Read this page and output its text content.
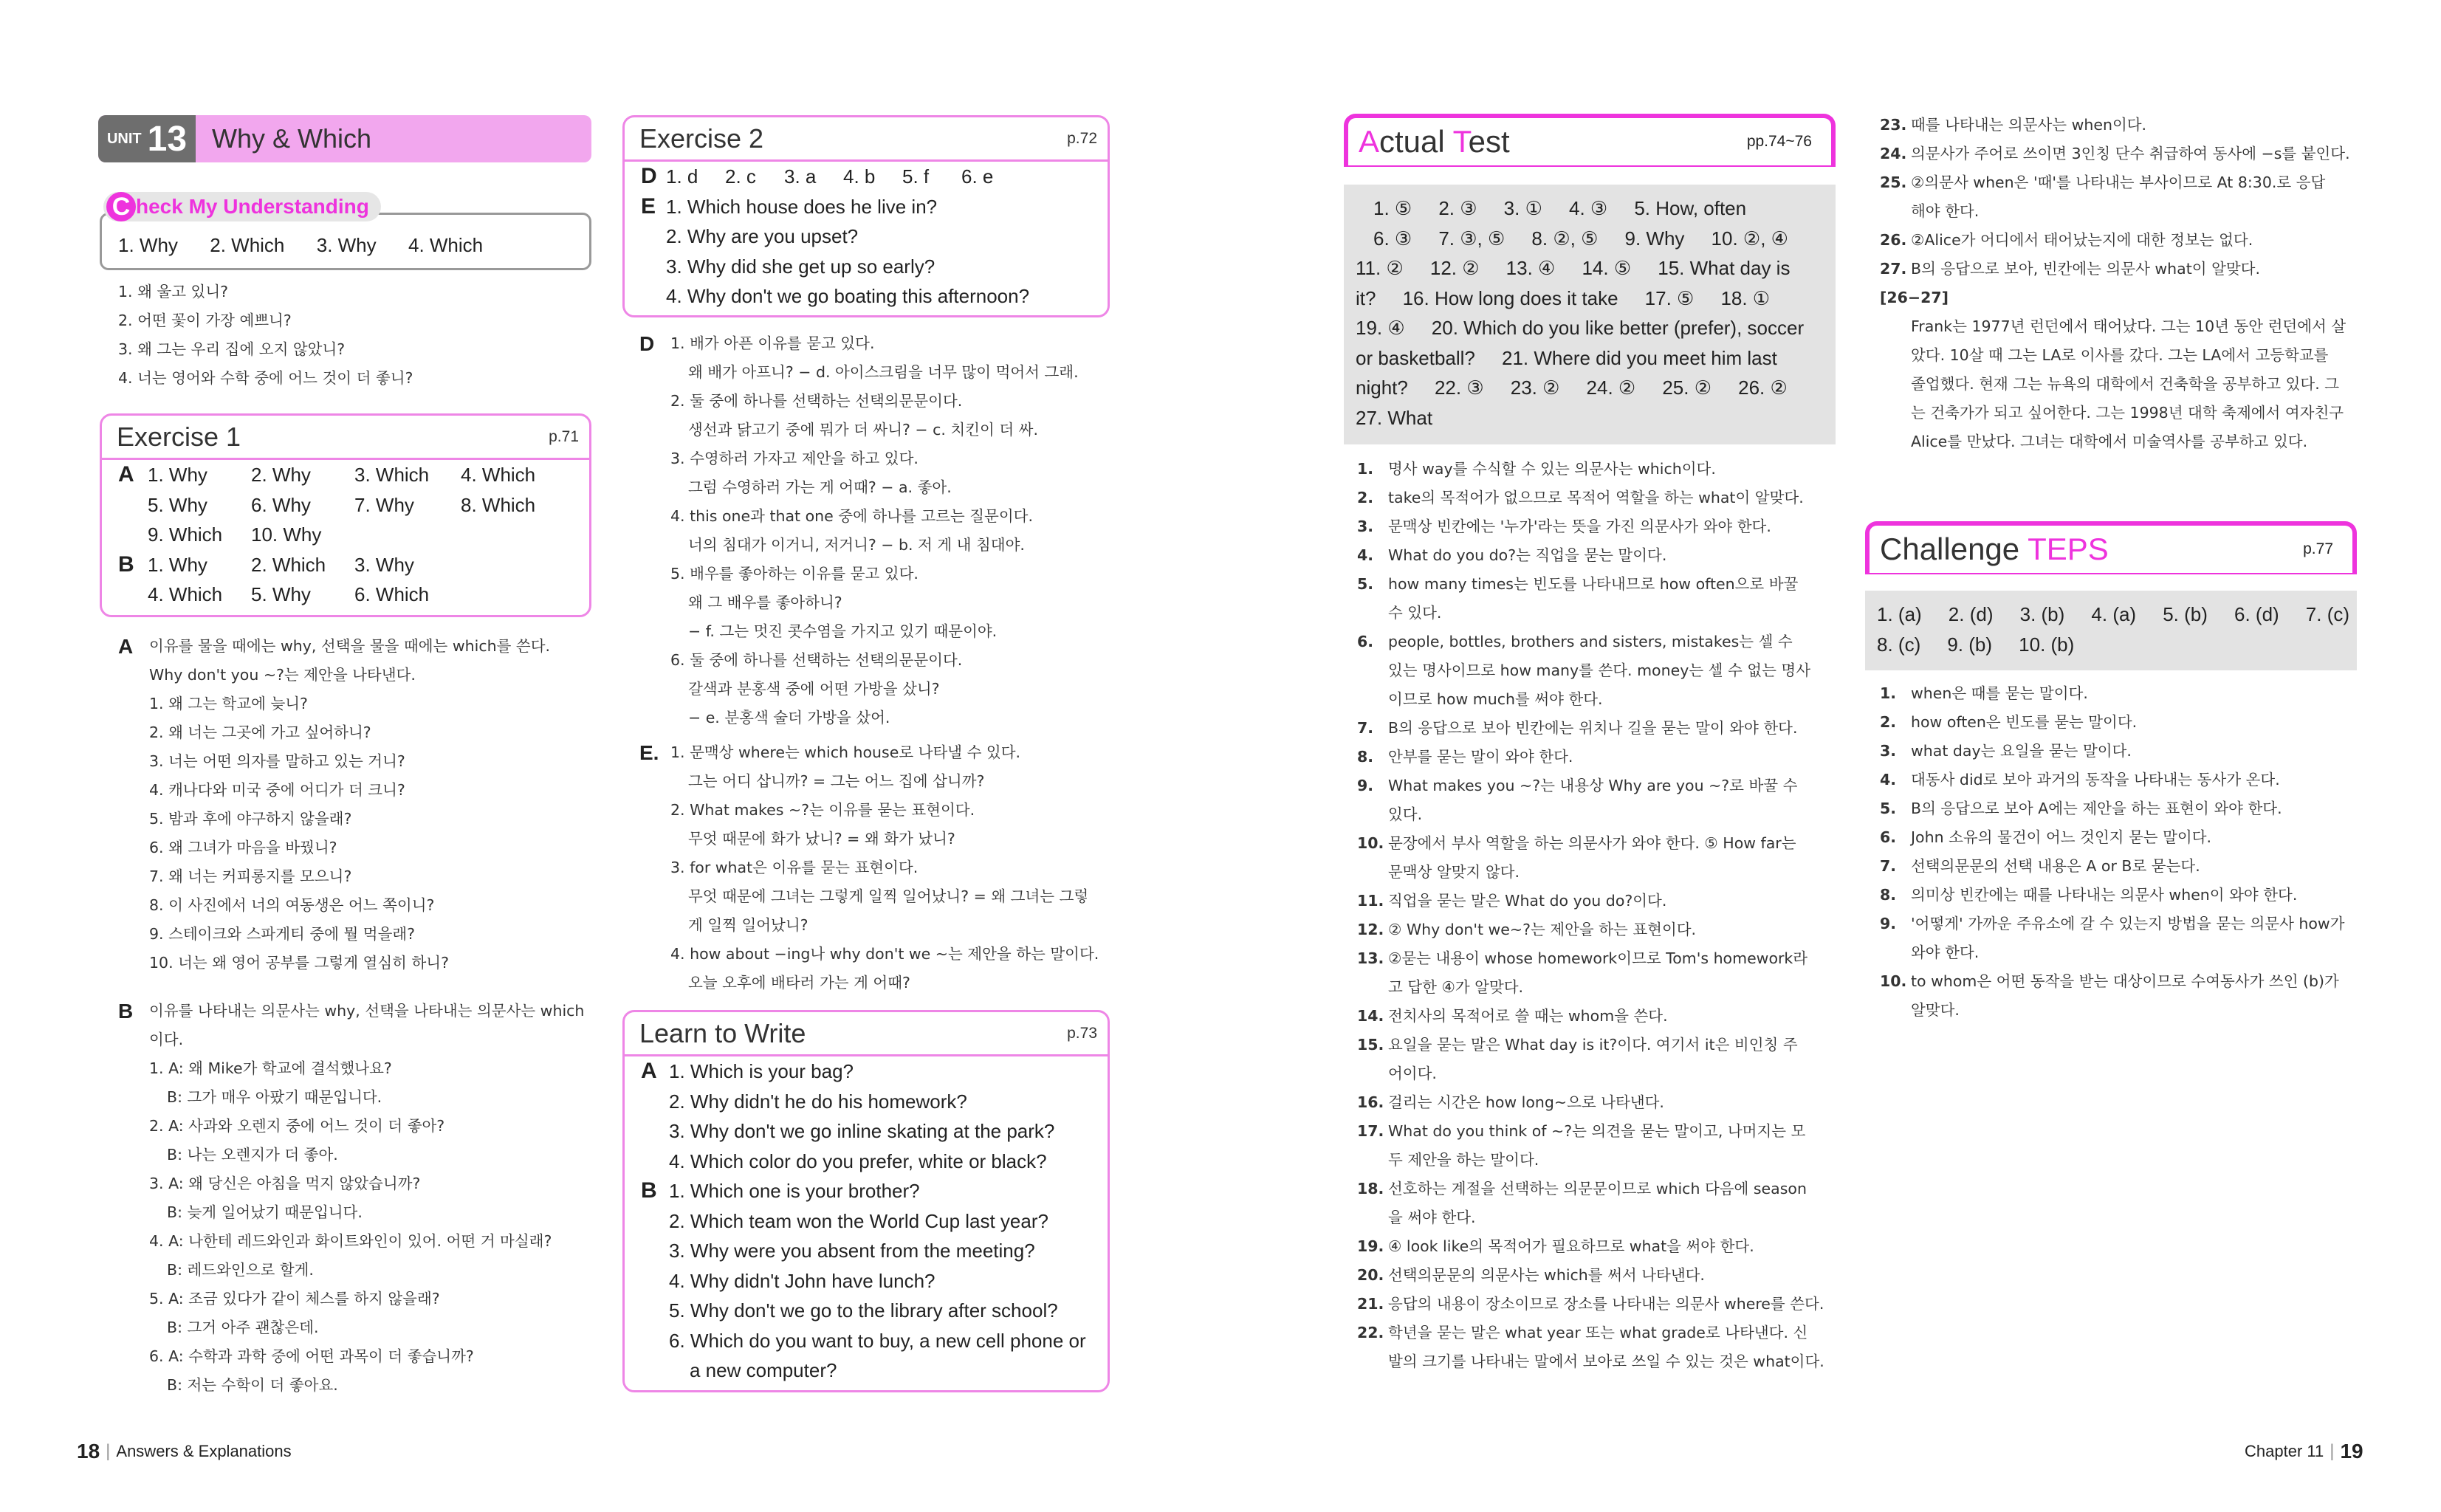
UNIT 13 Why & Which
C heck My Understanding
1. Why      2. Which      3. Why      4. Which
1. 왜 울고 있니?
2. 어떤 꽃이 가장 예쁘니?
3. 왜 그는 우리 집에 오지 않았니?
4. 너는 영어와 수학 중에 어느 것이 더 좋니?
Exercise 1	p.71
A 1. Why 2. Why 3. Which 4. Which
5. Why 6. Why 7. Why 8. Which
9. Which 10. Why
B 1. Why 2. Which 3. Why
4. Which 5. Why 6. Which
A	이유를 물을 때에는 why, 선택을 물을 때에는 which를 쓴다.
Why don't you ~?는 제안을 나타낸다.
1. 왜 그는 학교에 늦니?
2. 왜 너는 그곳에 가고 싶어하니?
3. 너는 어떤 의자를 말하고 있는 거니?
4. 캐나다와 미국 중에 어디가 더 크니?
5. 밤과 후에 야구하지 않을래?
6. 왜 그녀가 마음을 바꿨니?
7. 왜 너는 커피롱지를 모으니?
8. 이 사진에서 너의 여동생은 어느 쪽이니?
9. 스테이크와 스파게티 중에 뭘 먹을래?
10. 너는 왜 영어 공부를 그렇게 열심히 하니?
B	이유를 나타내는 의문사는 why, 선택을 나타내는 의문사는 which
이다.
1. A: 왜 Mike가 학교에 결석했나요?
B: 그가 매우 아팠기 때문입니다.
2. A: 사과와 오렌지 중에 어느 것이 더 좋아?
B: 나는 오렌지가 더 좋아.
3. A: 왜 당신은 아침을 먹지 않았습니까?
B: 늦게 일어났기 때문입니다.
4. A: 나한테 레드와인과 화이트와인이 있어. 어떤 거 마실래?
B: 레드와인으로 할게.
5. A: 조금 있다가 같이 체스를 하지 않을래?
B: 그거 아주 괜찮은데.
6. A: 수학과 과학 중에 어떤 과목이 더 좋습니까?
B: 저는 수학이 더 좋아요.
Exercise 2	p.72
D 1. d	2. c	3. a	4. b	5. f	6. e
E 1. Which house does he live in?
2. Why are you upset?
3. Why did she get up so early?
4. Why don't we go boating this afternoon?
D	1. 배가 아픈 이유를 묻고 있다.
왜 배가 아프니? − d. 아이스크림을 너무 많이 먹어서 그래.
2. 둘 중에 하나를 선택하는 선택의문문이다.
생선과 닭고기 중에 뭐가 더 싸니? − c. 치킨이 더 싸.
3. 수영하러 가자고 제안을 하고 있다.
그럼 수영하러 가는 게 어때? − a. 좋아.
4. this one과 that one 중에 하나를 고르는 질문이다.
너의 침대가 이거니, 저거니? − b. 저 게 내 침대야.
5. 배우를 좋아하는 이유를 묻고 있다.
왜 그 배우를 좋아하니?
− f. 그는 멋진 콧수염을 가지고 있기 때문이야.
6. 둘 중에 하나를 선택하는 선택의문문이다.
갈색과 분홍색 중에 어떤 가방을 샀니?
− e. 분홍색 술더 가방을 샀어.
E. 1. 문맥상 where는 which house로 나타낼 수 있다.
그는 어디 삽니까? = 그는 어느 집에 삽니까?
2. What makes ~?는 이유를 묻는 표현이다.
무엇 때문에 화가 났니? = 왜 화가 났니?
3. for what은 이유를 묻는 표현이다.
무엇 때문에 그녀는 그렇게 일찍 일어났니? = 왜 그녀는 그렇
게 일찍 일어났니?
4. how about −ing나 why don't we ~는 제안을 하는 말이다.
오늘 오후에 배타러 가는 게 어때?
Learn to Write	p.73
A 1. Which is your bag?
2. Why didn't he do his homework?
3. Why don't we go inline skating at the park?
4. Which color do you prefer, white or black?
B 1. Which one is your brother?
2. Which team won the World Cup last year?
3. Why were you absent from the meeting?
4. Why didn't John have lunch?
5. Why don't we go to the library after school?
6. Which do you want to buy, a new cell phone or
a new computer?
Actual Test	pp.74~76
1. ⑤     2. ③     3. ①     4. ③     5. How, often
6. ③     7. ③, ⑤     8. ②, ⑤     9. Why     10. ②, ④
11. ②     12. ②     13. ④     14. ⑤     15. What day is
it?     16. How long does it take     17. ⑤     18. ①
19. ④     20. Which do you like better (prefer), soccer
or basketball?     21. Where did you meet him last
night?     22. ③     23. ②     24. ②     25. ②     26. ②
27. What
1. 명사 way를 수식할 수 있는 의문사는 which이다.
2. take의 목적어가 없으므로 목적어 역할을 하는 what이 알맞다.
3. 문맥상 빈칸에는 '누가'라는 뜻을 가진 의문사가 와야 한다.
4. What do you do?는 직업을 묻는 말이다.
5. how many times는 빈도를 나타내므로 how often으로 바꿀
수 있다.
6. people, bottles, brothers and sisters, mistakes는 셀 수
있는 명사이므로 how many를 쓴다. money는 셀 수 없는 명사
이므로 how much를 써야 한다.
7. B의 응답으로 보아 빈칸에는 위치나 길을 묻는 말이 와야 한다.
8. 안부를 묻는 말이 와야 한다.
9. What makes you ~?는 내용상 Why are you ~?로 바꿀 수
있다.
10. 문장에서 부사 역할을 하는 의문사가 와야 한다. ⑤ How far는
문맥상 알맞지 않다.
11. 직업을 묻는 말은 What do you do?이다.
12. ② Why don't we~?는 제안을 하는 표현이다.
13. ②묻는 내용이 whose homework이므로 Tom's homework라
고 답한 ④가 알맞다.
14. 전치사의 목적어로 쓸 때는 whom을 쓴다.
15. 요일을 묻는 말은 What day is it?이다. 여기서 it은 비인칭 주
어이다.
16. 걸리는 시간은 how long~으로 나타낸다.
17. What do you think of ~?는 의견을 묻는 말이고, 나머지는 모
두 제안을 하는 말이다.
18. 선호하는 계절을 선택하는 의문문이므로 which 다음에 season
을 써야 한다.
19. ④ look like의 목적어가 필요하므로 what을 써야 한다.
20. 선택의문문의 의문사는 which를 써서 나타낸다.
21. 응답의 내용이 장소이므로 장소를 나타내는 의문사 where를 쓴다.
22. 학년을 묻는 말은 what year 또는 what grade로 나타낸다. 신
발의 크기를 나타내는 말에서 보아로 쓰일 수 있는 것은 what이다.
23. 때를 나타내는 의문사는 when이다.
24. 의문사가 주어로 쓰이면 3인칭 단수 취급하여 동사에 −s를 붙인다.
25. ②의문사 when은 '때'를 나타내는 부사이므로 At 8:30.로 응답
해야 한다.
26. ②Alice가 어디에서 태어났는지에 대한 정보는 없다.
27. B의 응답으로 보아, 빈칸에는 의문사 what이 알맞다.
[26−27]
Frank는 1977년 런던에서 태어났다. 그는 10년 동안 런던에서 살
았다. 10살 때 그는 LA로 이사를 갔다. 그는 LA에서 고등학교를
졸업했다. 현재 그는 뉴욕의 대학에서 건축학을 공부하고 있다. 그
는 건축가가 되고 싶어한다. 그는 1998년 대학 축제에서 여자친구
Alice를 만났다. 그녀는 대학에서 미술역사를 공부하고 있다.
Challenge TEPS	p.77
1. (a)     2. (d)     3. (b)     4. (a)     5. (b)     6. (d)     7. (c)
8. (c)     9. (b)     10. (b)
1. when은 때를 묻는 말이다.
2. how often은 빈도를 묻는 말이다.
3. what day는 요일을 묻는 말이다.
4. 대동사 did로 보아 과거의 동작을 나타내는 동사가 온다.
5. B의 응답으로 보아 A에는 제안을 하는 표현이 와야 한다.
6. John 소유의 물건이 어느 것인지 묻는 말이다.
7. 선택의문문의 선택 내용은 A or B로 묻는다.
8. 의미상 빈칸에는 때를 나타내는 의문사 when이 와야 한다.
9. '어떻게' 가까운 주유소에 갈 수 있는지 방법을 묻는 의문사 how가
와야 한다.
10. to whom은 어떤 동작을 받는 대상이므로 수여동사가 쓰인 (b)가
알맞다.
18 | Answers & Explanations	Chapter 11 | 19
